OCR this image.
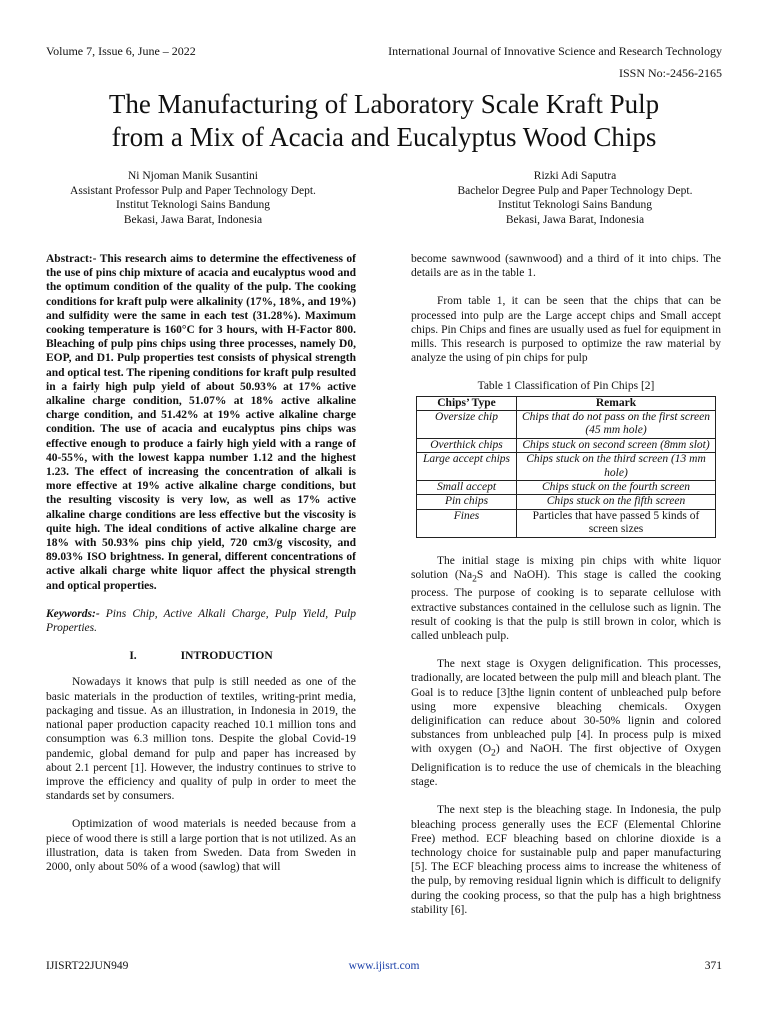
Volume 7, Issue 6, June – 2022	International Journal of Innovative Science and Research Technology
ISSN No:-2456-2165
The Manufacturing of Laboratory Scale Kraft Pulp
from a Mix of Acacia and Eucalyptus Wood Chips
Ni Njoman Manik Susantini
Assistant Professor Pulp and Paper Technology Dept.
Institut Teknologi Sains Bandung
Bekasi, Jawa Barat, Indonesia
Rizki Adi Saputra
Bachelor Degree Pulp and Paper Technology Dept.
Institut Teknologi Sains Bandung
Bekasi, Jawa Barat, Indonesia

Abstract:- This research aims to determine the effectiveness of the use of pins chip mixture of acacia and eucalyptus wood and the optimum condition of the quality of the pulp. The cooking conditions for kraft pulp were alkalinity (17%, 18%, and 19%) and sulfidity were the same in each test (31.28%). Maximum cooking temperature is 160°C for 3 hours, with H-Factor 800. Bleaching of pulp pins chips using three processes, namely D0, EOP, and D1. Pulp properties test consists of physical strength and optical test. The ripening conditions for kraft pulp resulted in a fairly high pulp yield of about 50.93% at 17% active alkaline charge condition, 51.07% at 18% active alkaline charge condition, and 51.42% at 19% active alkaline charge condition. The use of acacia and eucalyptus pins chips was effective enough to produce a fairly high yield with a range of 40-55%, with the lowest kappa number 1.12 and the highest 1.23. The effect of increasing the concentration of alkali is more effective at 19% active alkaline charge conditions, but the resulting viscosity is very low, as well as 17% active alkaline charge conditions are less effective but the viscosity is quite high. The ideal conditions of active alkaline charge are 18% with 50.93% pins chip yield, 720 cm3/g viscosity, and 89.03% ISO brightness. In general, different concentrations of active alkali charge white liquor affect the physical strength and optical properties.

Keywords:- Pins Chip, Active Alkali Charge, Pulp Yield, Pulp Properties.

I.	INTRODUCTION

Nowadays it knows that pulp is still needed as one of the basic materials in the production of textiles, writing-print media, packaging and tissue. As an illustration, in Indonesia in 2019, the national paper production capacity reached 10.1 million tons and consumption was 6.3 million tons. Despite the global Covid-19 pandemic, global demand for pulp and paper has increased by about 2.1 percent [1]. However, the industry continues to strive to improve the efficiency and quality of pulp in order to meet the standards set by consumers.

Optimization of wood materials is needed because from a piece of wood there is still a large portion that is not utilized. As an illustration, data is taken from Sweden. Data from Sweden in 2000, only about 50% of a wood (sawlog) that will

become sawnwood (sawnwood) and a third of it into chips. The details are as in the table 1.

From table 1, it can be seen that the chips that can be processed into pulp are the Large accept chips and Small accept chips. Pin Chips and fines are usually used as fuel for equipment in mills. This research is purposed to optimize the raw material by analyze the using of pin chips for pulp

Table 1 Classification of Pin Chips [2]
Chips’ Type	Remark
Oversize chip	Chips that do not pass on the first screen (45 mm hole)
Overthick chips	Chips stuck on second screen (8mm slot)
Large accept chips	Chips stuck on the third screen (13 mm hole)
Small accept	Chips stuck on the fourth screen
Pin chips	Chips stuck on the fifth screen
Fines	Particles that have passed 5 kinds of screen sizes

The initial stage is mixing pin chips with white liquor solution ($Na_2S$ and NaOH). This stage is called the cooking process. The purpose of cooking is to separate cellulose with extractive substances contained in the cellulose such as lignin. The result of cooking is that the pulp is still brown in color, which is called unbleach pulp.

The next stage is Oxygen delignification. This processes, tradionally, are located between the pulp mill and bleach plant. The Goal is to reduce [3]the lignin content of unbleached pulp before using more expensive bleaching chemicals. Oxygen deliginification can reduce about 30-50% lignin and colored substances from unbleached pulp [4]. In process pulp is mixed with oxygen $(O_2)$ and NaOH. The first objective of Oxygen Delignification is to reduce the use of chemicals in the bleaching stage.

The next step is the bleaching stage. In Indonesia, the pulp bleaching process generally uses the ECF (Elemental Chlorine Free) method. ECF bleaching based on chlorine dioxide is a technology choice for sustainable pulp and paper manufacturing [5]. The ECF bleaching process aims to increase the whiteness of the pulp, by removing residual lignin which is difficult to delignify during the cooking process, so that the pulp has a high brightness stability [6].

IJISRT22JUN949	www.ijisrt.com	371
